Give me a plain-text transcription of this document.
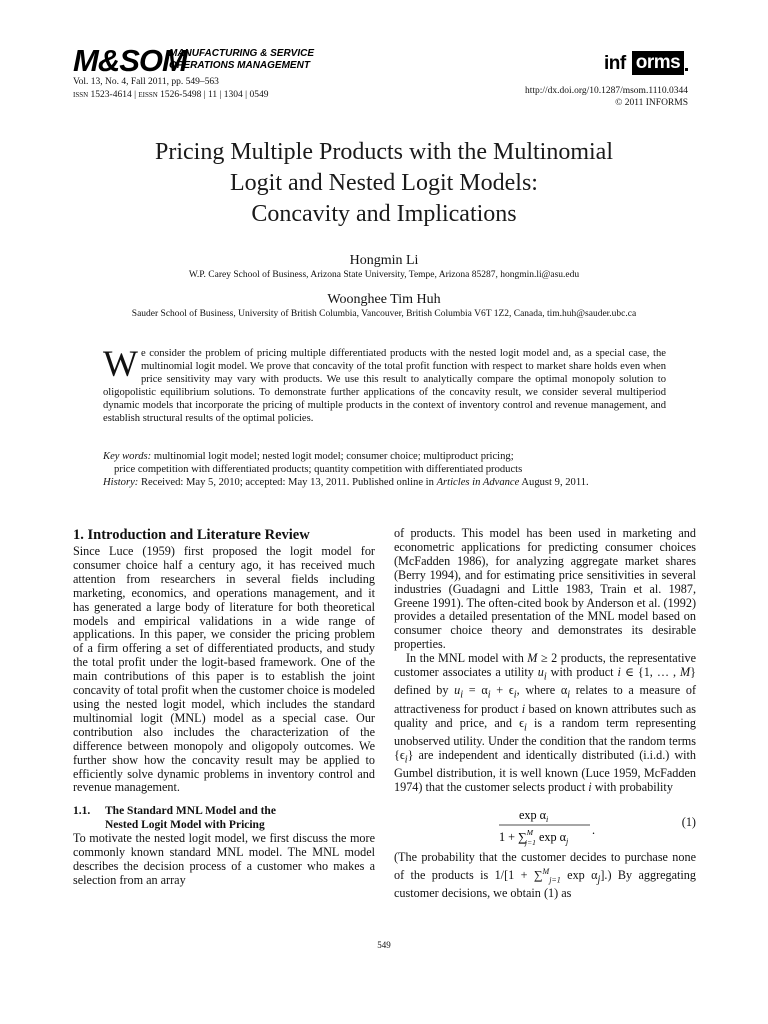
M&SOM
MANUFACTURING & SERVICE
OPERATIONS MANAGEMENT
Vol. 13, No. 4, Fall 2011, pp. 549–563
issn 1523-4614 | eissn 1526-5498 | 11 | 1304 | 0549
inf orms
http://dx.doi.org/10.1287/msom.1110.0344
© 2011 INFORMS
Pricing Multiple Products with the Multinomial
Logit and Nested Logit Models:
Concavity and Implications
Hongmin Li
W.P. Carey School of Business, Arizona State University, Tempe, Arizona 85287, hongmin.li@asu.edu
Woonghee Tim Huh
Sauder School of Business, University of British Columbia, Vancouver, British Columbia V6T 1Z2, Canada, tim.huh@sauder.ubc.ca
We consider the problem of pricing multiple differentiated products with the nested logit model and, as a special case, the multinomial logit model. We prove that concavity of the total profit function with respect to market share holds even when price sensitivity may vary with products. We use this result to analytically compare the optimal monopoly solution to oligopolistic equilibrium solutions. To demonstrate further applications of the concavity result, we consider several multiperiod dynamic models that incorporate the pricing of multiple products in the context of inventory control and revenue management, and establish structural results of the optimal policies.
Key words: multinomial logit model; nested logit model; consumer choice; multiproduct pricing;
price competition with differentiated products; quantity competition with differentiated products
History: Received: May 5, 2010; accepted: May 13, 2011. Published online in Articles in Advance August 9, 2011.
1. Introduction and Literature Review

Since Luce (1959) first proposed the logit model for consumer choice half a century ago, it has received much attention from researchers in several fields including marketing, economics, and operations management, and it has generated a large body of literature for both theoretical models and empirical validations in a wide range of applications. In this paper, we consider the pricing problem of a firm offering a set of differentiated products, and study the total profit under the logit-based framework. One of the main contributions of this paper is to establish the joint concavity of total profit when the customer choice is modeled using the nested logit model, which includes the standard multinomial logit (MNL) model as a special case. Our contribution also includes the characterization of the difference between monopoly and oligopoly outcomes. We further show how the concavity result may be applied to efficiently solve dynamic problems in inventory control and revenue management.

1.1. The Standard MNL Model and the
Nested Logit Model with Pricing

To motivate the nested logit model, we first discuss the more commonly known standard MNL model. The MNL model describes the decision process of a customer who makes a selection from an array

of products. This model has been used in marketing and econometric applications for predicting consumer choices (McFadden 1986), for analyzing aggregate market shares (Berry 1994), and for estimating price sensitivities in several industries (Guadagni and Little 1983, Train et al. 1987, Greene 1991). The often-cited book by Anderson et al. (1992) provides a detailed presentation of the MNL model based on consumer choice theory and demonstrates its desirable properties.

In the MNL model with M ≥ 2 products, the representative customer associates a utility $u_i$ with product i ∈ {1, … , M} defined by $u_i = \alpha_i + \epsilon_i$, where $\alpha_i$ relates to a measure of attractiveness for product i based on known attributes such as quality and price, and $\epsilon_i$ is a random term representing unobserved utility. Under the condition that the random terms $\{\epsilon_i\}$ are independent and identically distributed (i.i.d.) with Gumbel distribution, it is well known (Luce 1959, McFadden 1974) that the customer selects product i with probability

$\exp \alpha_i$
1 + ∑$^M$ j=1 $\exp \alpha_j$
.
(1)

(The probability that the customer decides to purchase none of the products is 1/[1 + ∑$^M_{j=1}$ $\exp \alpha_j$].) By aggregating customer decisions, we obtain (1) as

549
